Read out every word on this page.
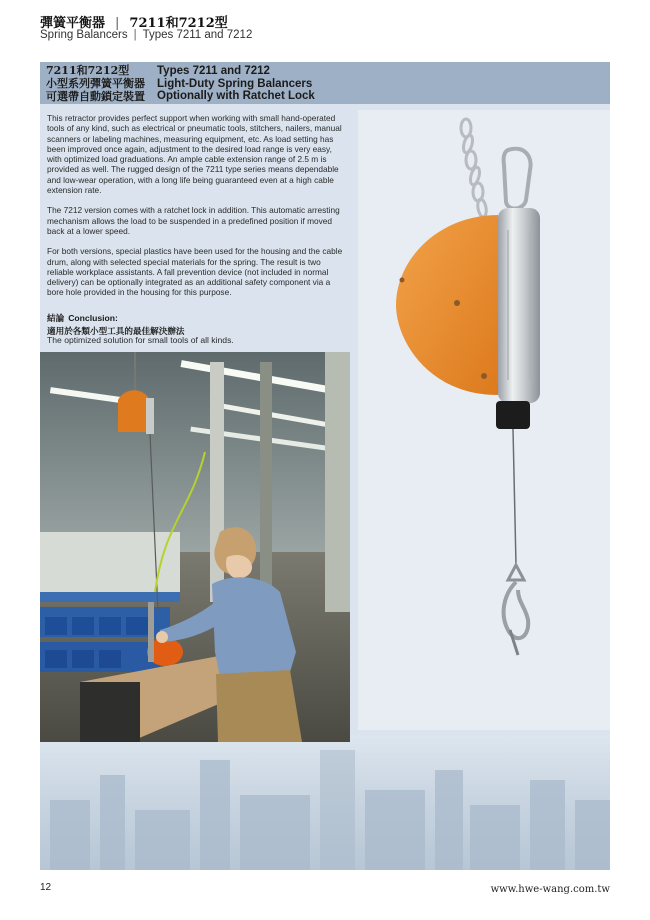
彈簧平衡器 | 7211和7212型
Spring Balancers | Types 7211 and 7212
7211和7212型
小型系列彈簧平衡器
可選帶自動鎖定裝置
Types 7211 and 7212
Light-Duty Spring Balancers
Optionally with Ratchet Lock

This retractor provides perfect support when working with small hand-operated tools of any kind, such as electrical or pneumatic tools, stitchers, nailers, manual scanners or labeling machines, measuring equipment, etc. As load setting has been improved once again, adjustment to the desired load range is very easy, with optimized load graduations. An ample cable extension range of 2.5 m is provided as well. The rugged design of the 7211 type series means dependable and low-wear operation, with a long life being guaranteed even at a high cable extension rate.

The 7212 version comes with a ratchet lock in addition. This automatic arresting mechanism allows the load to be suspended in a predefined position if moved back at a lower speed.

For both versions, special plastics have been used for the housing and the cable drum, along with selected special materials for the spring. The result is two reliable workplace assistants. A fall prevention device (not included in normal delivery) can be optionally integrated as an additional safety component via a bore hole provided in the housing for this purpose.

結論 Conclusion:
適用於各類小型工具的最佳解決辦法
The optimized solution for small tools of all kinds.
12	www.hwe-wang.com.tw
